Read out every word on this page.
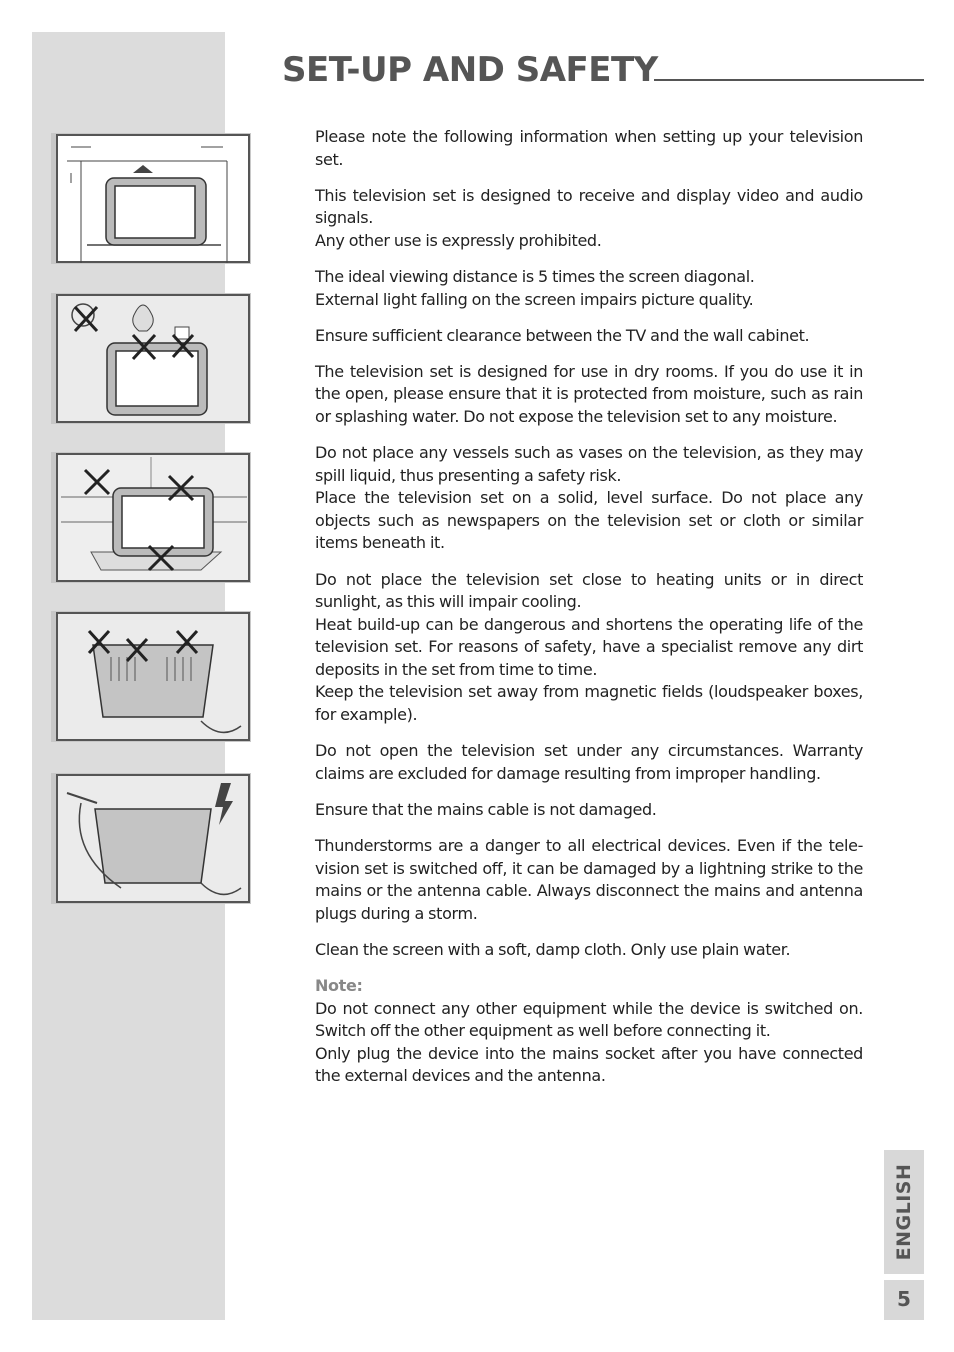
SET-UP AND SAFETY

Please note the following information when setting up your television set.

This television set is designed to receive and display video and audio signals.
Any other use is expressly prohibited.

The ideal viewing distance is 5 times the screen diagonal.
External light falling on the screen impairs picture quality.

Ensure sufficient clearance between the TV and the wall cabinet.

The television set is designed for use in dry rooms. If you do use it in the open, please ensure that it is protected from moisture, such as rain or splashing water. Do not expose the television set to any moisture.

Do not place any vessels such as vases on the television, as they may spill liquid, thus presenting a safety risk.
Place the television set on a solid, level surface. Do not place any objects such as newspapers on the television set or cloth or similar items beneath it.

Do not place the television set close to heating units or in direct sunlight, as this will impair cooling.
Heat build-up can be dangerous and shortens the operating life of the television set. For reasons of safety, have a specialist remove any dirt deposits in the set from time to time.
Keep the television set away from magnetic fields (loudspeaker boxes, for example).

Do not open the television set under any circumstances. Warranty claims are excluded for damage resulting from improper handling.

Ensure that the mains cable is not damaged.

Thunderstorms are a danger to all electrical devices. Even if the tele-vision set is switched off, it can be damaged by a lightning strike to the mains or the antenna cable. Always disconnect the mains and antenna plugs during a storm.

Clean the screen with a soft, damp cloth. Only use plain water.

Note:
Do not connect any other equipment while the device is switched on. Switch off the other equipment as well before connecting it.
Only plug the device into the mains socket after you have connected the external devices and the antenna.

ENGLISH
5
